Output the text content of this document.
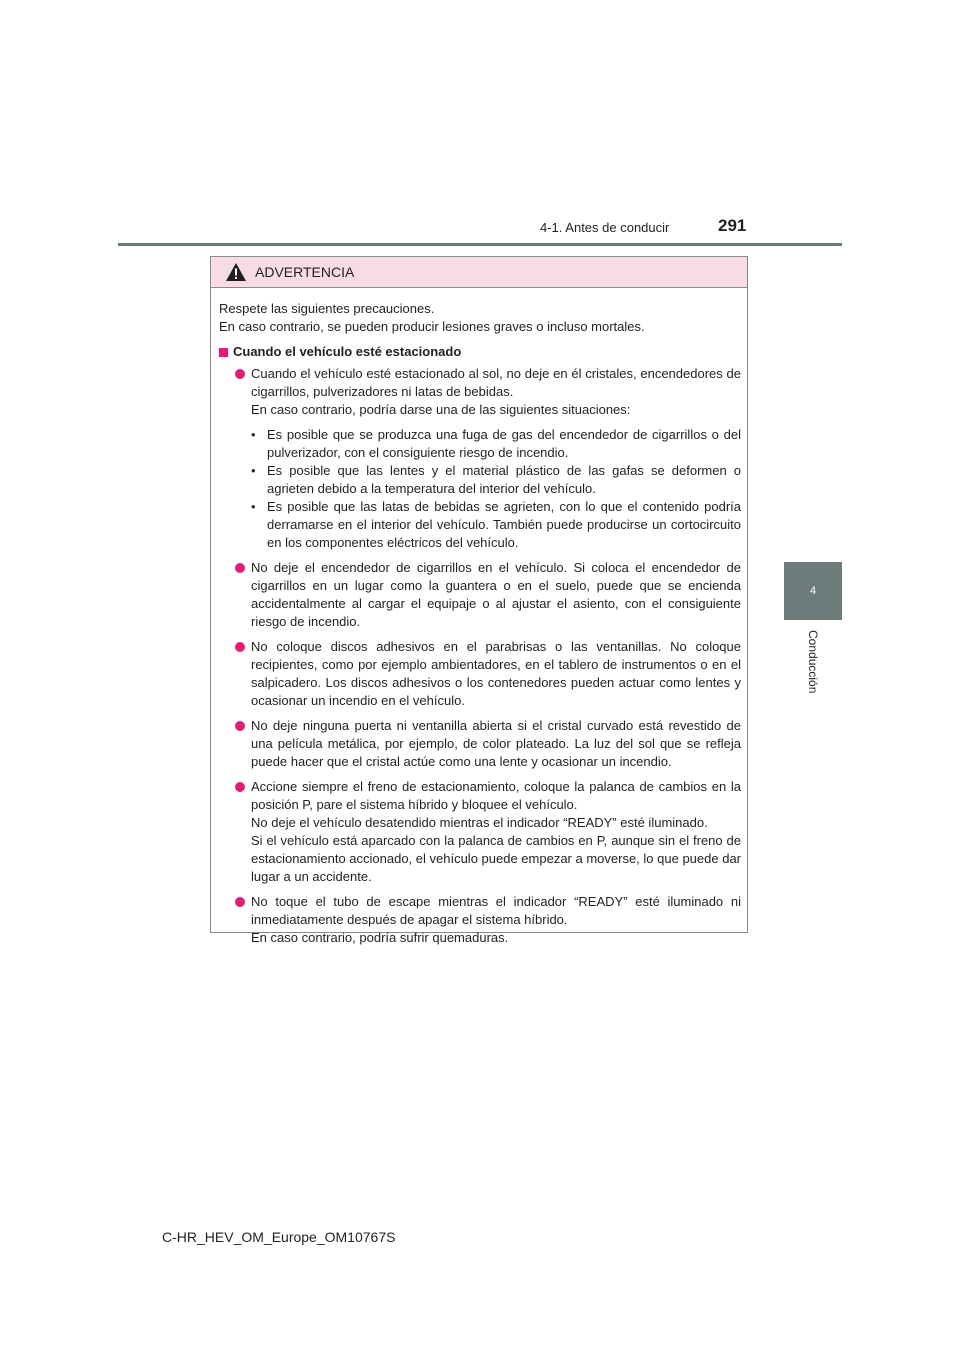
4-1. Antes de conducir	291
4
Conducción
ADVERTENCIA

Respete las siguientes precauciones.

En caso contrario, se pueden producir lesiones graves o incluso mortales.

Cuando el vehículo esté estacionado

Cuando el vehículo esté estacionado al sol, no deje en él cristales, encendedores de cigarrillos, pulverizadores ni latas de bebidas.

En caso contrario, podría darse una de las siguientes situaciones:

• Es posible que se produzca una fuga de gas del encendedor de cigarrillos o del pulverizador, con el consiguiente riesgo de incendio.
• Es posible que las lentes y el material plástico de las gafas se deformen o agrieten debido a la temperatura del interior del vehículo.
• Es posible que las latas de bebidas se agrieten, con lo que el contenido podría derramarse en el interior del vehículo. También puede producirse un cortocircuito en los componentes eléctricos del vehículo.

No deje el encendedor de cigarrillos en el vehículo. Si coloca el encendedor de cigarrillos en un lugar como la guantera o en el suelo, puede que se encienda accidentalmente al cargar el equipaje o al ajustar el asiento, con el consiguiente riesgo de incendio.

No coloque discos adhesivos en el parabrisas o las ventanillas. No coloque recipientes, como por ejemplo ambientadores, en el tablero de instrumentos o en el salpicadero. Los discos adhesivos o los contenedores pueden actuar como lentes y ocasionar un incendio en el vehículo.

No deje ninguna puerta ni ventanilla abierta si el cristal curvado está revestido de una película metálica, por ejemplo, de color plateado. La luz del sol que se refleja puede hacer que el cristal actúe como una lente y ocasionar un incendio.

Accione siempre el freno de estacionamiento, coloque la palanca de cambios en la posición P, pare el sistema híbrido y bloquee el vehículo.

No deje el vehículo desatendido mientras el indicador “READY” esté iluminado.

Si el vehículo está aparcado con la palanca de cambios en P, aunque sin el freno de estacionamiento accionado, el vehículo puede empezar a moverse, lo que puede dar lugar a un accidente.

No toque el tubo de escape mientras el indicador “READY” esté iluminado ni inmediatamente después de apagar el sistema híbrido.

En caso contrario, podría sufrir quemaduras.

C-HR_HEV_OM_Europe_OM10767S
